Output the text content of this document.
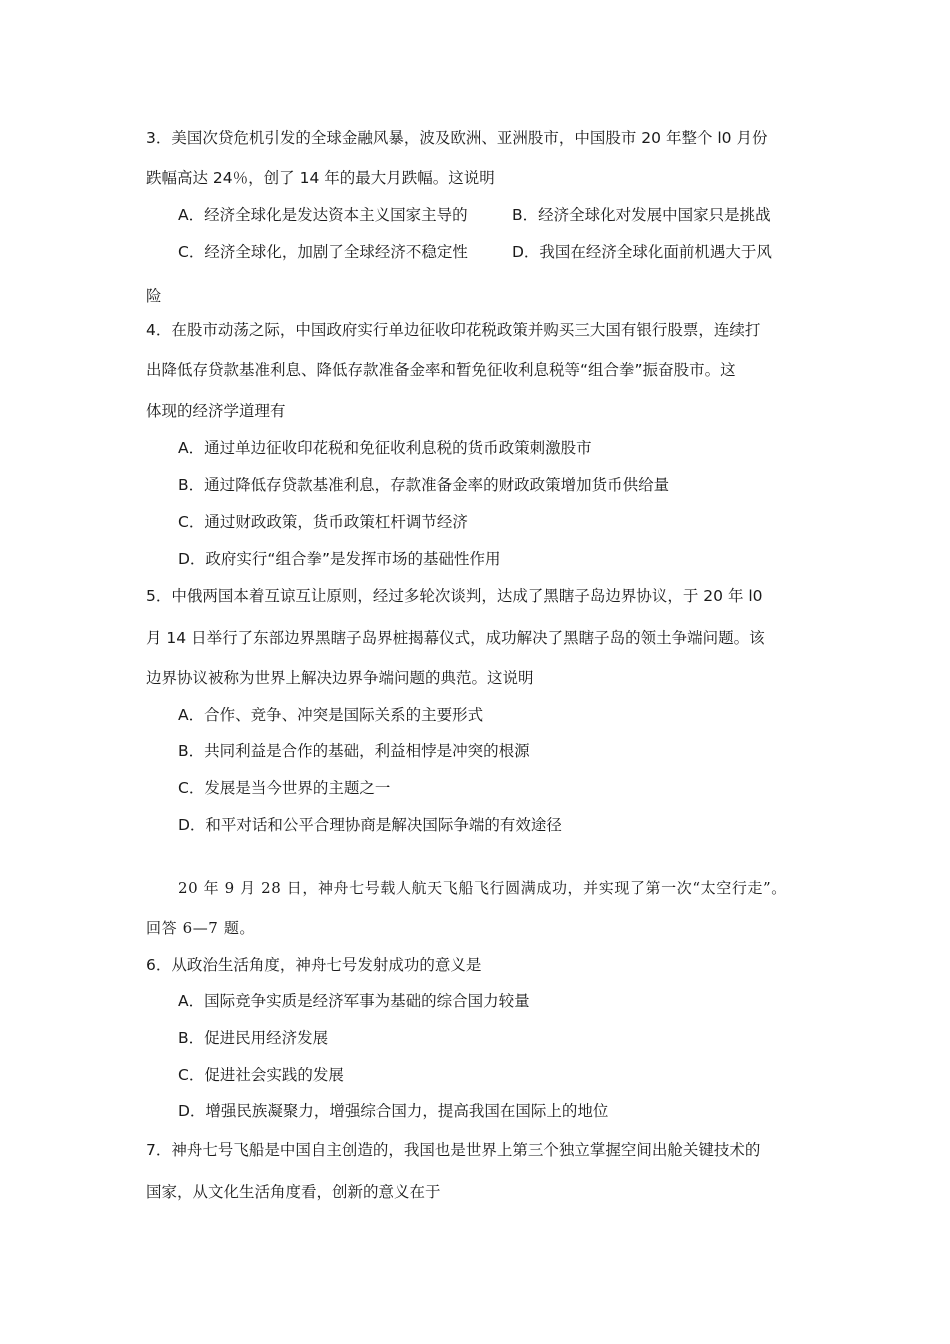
3．美国次贷危机引发的全球金融风暴，波及欧洲、亚洲股市，中国股市 20 年整个 l0 月份
跌幅高达 24％，创了 14 年的最大月跌幅。这说明
A．经济全球化是发达资本主义国家主导的	B．经济全球化对发展中国家只是挑战
C．经济全球化，加剧了全球经济不稳定性	D．我国在经济全球化面前机遇大于风
险
4．在股市动荡之际，中国政府实行单边征收印花税政策并购买三大国有银行股票，连续打
出降低存贷款基准利息、降低存款准备金率和暂免征收利息税等“组合拳”振奋股市。这
体现的经济学道理有
A．通过单边征收印花税和免征收利息税的货币政策刺激股市
B．通过降低存贷款基准利息，存款准备金率的财政政策增加货币供给量
C．通过财政政策，货币政策杠杆调节经济
D．政府实行“组合拳”是发挥市场的基础性作用
5．中俄两国本着互谅互让原则，经过多轮次谈判，达成了黑瞎子岛边界协议，于 20 年 l0
月 14 日举行了东部边界黑瞎子岛界桩揭幕仪式，成功解决了黑瞎子岛的领土争端问题。该
边界协议被称为世界上解决边界争端问题的典范。这说明
A．合作、竞争、冲突是国际关系的主要形式
B．共同利益是合作的基础，利益相悖是冲突的根源
C．发展是当今世界的主题之一
D．和平对话和公平合理协商是解决国际争端的有效途径
20 年 9 月 28 日，神舟七号载人航天飞船飞行圆满成功，并实现了第一次“太空行走”。
回答 6—7 题。
6．从政治生活角度，神舟七号发射成功的意义是
A．国际竞争实质是经济军事为基础的综合国力较量
B．促进民用经济发展
C．促进社会实践的发展
D．增强民族凝聚力，增强综合国力，提高我国在国际上的地位
7．神舟七号飞船是中国自主创造的，我国也是世界上第三个独立掌握空间出舱关键技术的
国家，从文化生活角度看，创新的意义在于
